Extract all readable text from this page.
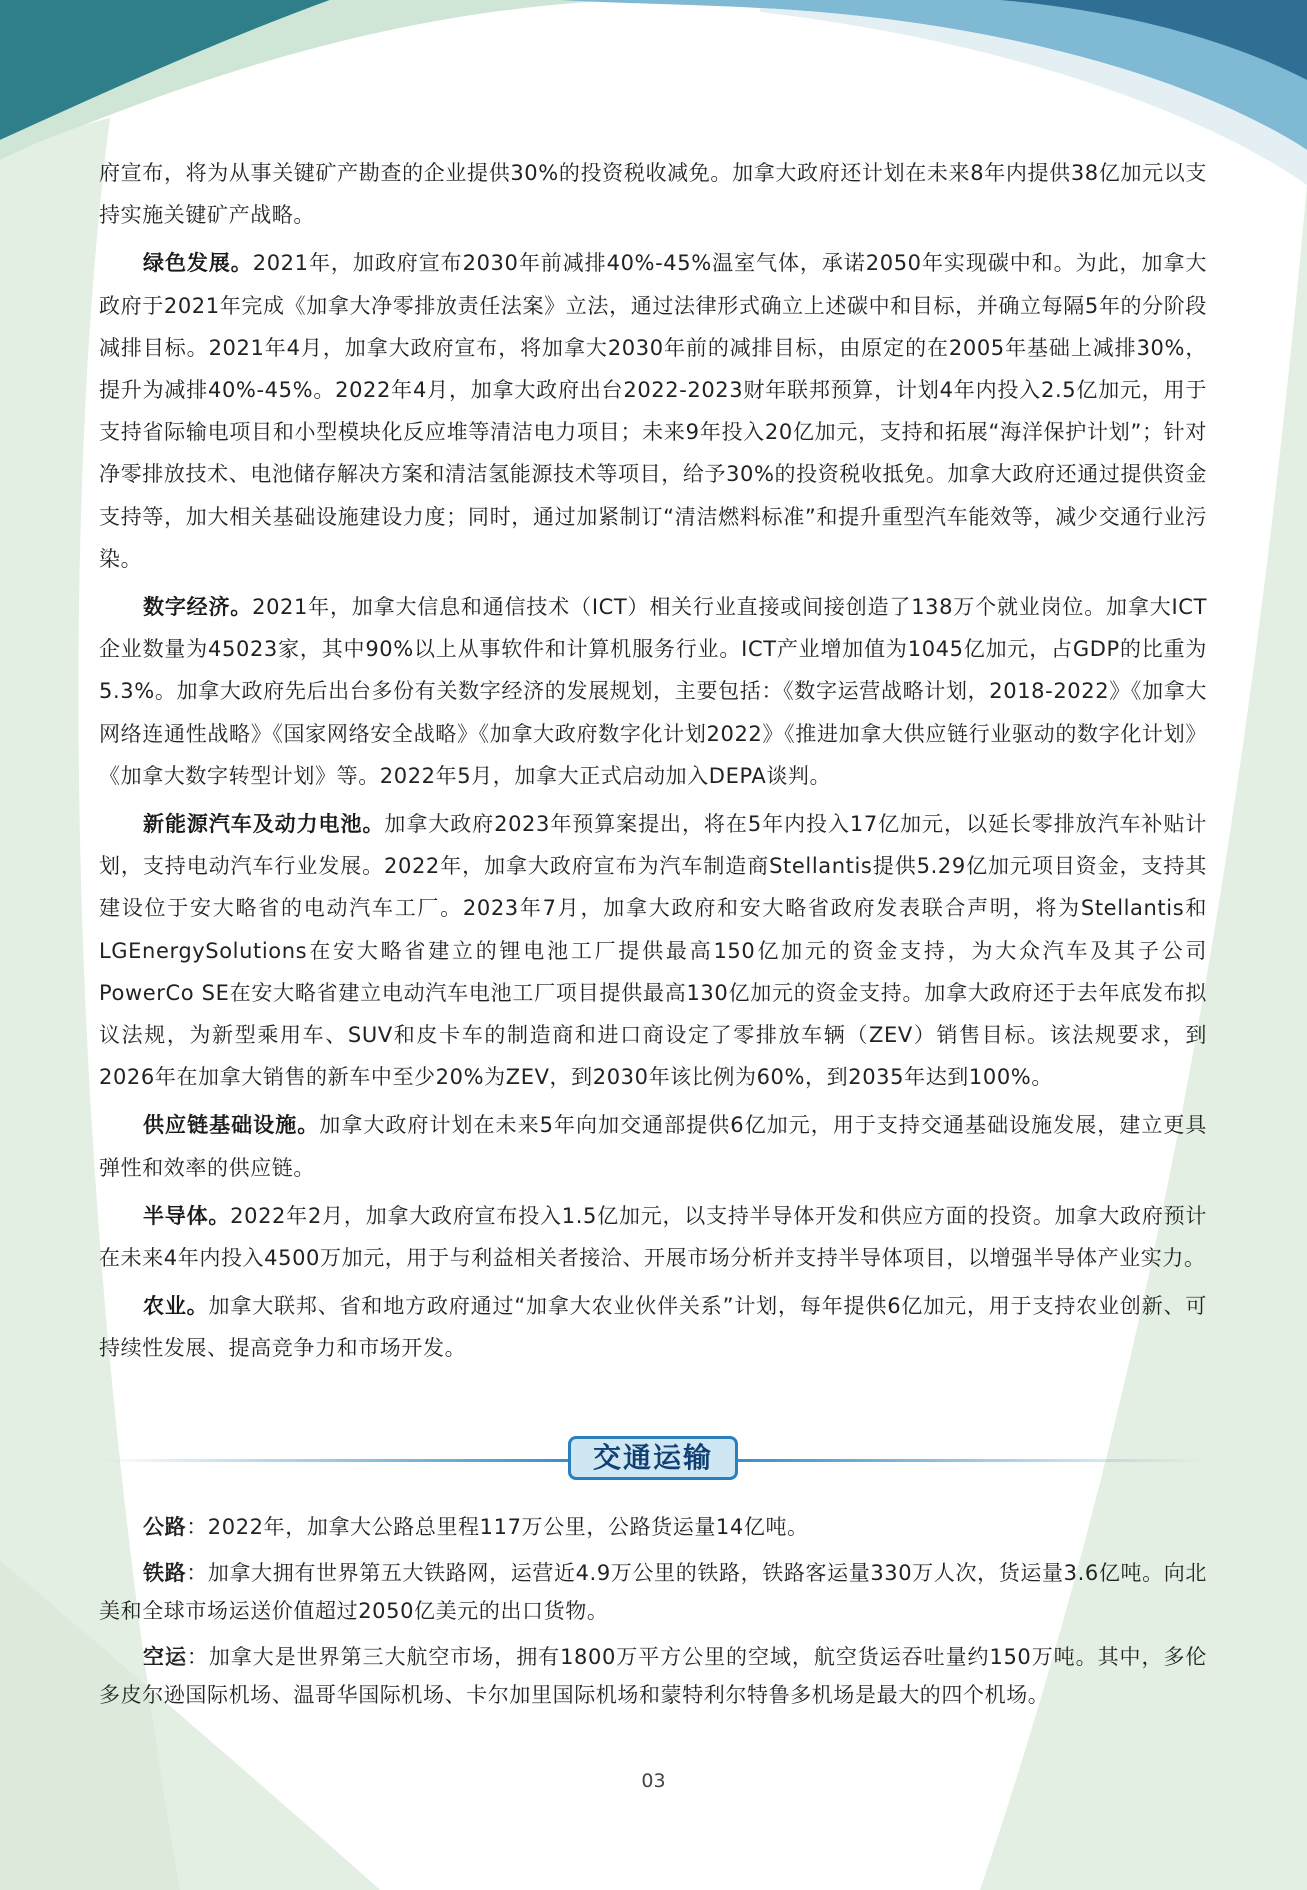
府宣布，将为从事关键矿产勘查的企业提供30%的投资税收减免。加拿大政府还计划在未来8年内提供38亿加元以支持实施关键矿产战略。

绿色发展。2021年，加政府宣布2030年前减排40%-45%温室气体，承诺2050年实现碳中和。为此，加拿大政府于2021年完成《加拿大净零排放责任法案》立法，通过法律形式确立上述碳中和目标，并确立每隔5年的分阶段减排目标。2021年4月，加拿大政府宣布，将加拿大2030年前的减排目标，由原定的在2005年基础上减排30%，提升为减排40%-45%。2022年4月，加拿大政府出台2022-2023财年联邦预算，计划4年内投入2.5亿加元，用于支持省际输电项目和小型模块化反应堆等清洁电力项目；未来9年投入20亿加元，支持和拓展“海洋保护计划”；针对净零排放技术、电池储存解决方案和清洁氢能源技术等项目，给予30%的投资税收抵免。加拿大政府还通过提供资金支持等，加大相关基础设施建设力度；同时，通过加紧制订“清洁燃料标准”和提升重型汽车能效等，减少交通行业污染。

数字经济。2021年，加拿大信息和通信技术（ICT）相关行业直接或间接创造了138万个就业岗位。加拿大ICT企业数量为45023家，其中90%以上从事软件和计算机服务行业。ICT产业增加值为1045亿加元，占GDP的比重为5.3%。加拿大政府先后出台多份有关数字经济的发展规划，主要包括：《数字运营战略计划，2018-2022》《加拿大网络连通性战略》《国家网络安全战略》《加拿大政府数字化计划2022》《推进加拿大供应链行业驱动的数字化计划》《加拿大数字转型计划》等。2022年5月，加拿大正式启动加入DEPA谈判。

新能源汽车及动力电池。加拿大政府2023年预算案提出，将在5年内投入17亿加元，以延长零排放汽车补贴计划，支持电动汽车行业发展。2022年，加拿大政府宣布为汽车制造商Stellantis提供5.29亿加元项目资金，支持其建设位于安大略省的电动汽车工厂。2023年7月，加拿大政府和安大略省政府发表联合声明，将为Stellantis和LGEnergySolutions在安大略省建立的锂电池工厂提供最高150亿加元的资金支持，为大众汽车及其子公司PowerCo SE在安大略省建立电动汽车电池工厂项目提供最高130亿加元的资金支持。加拿大政府还于去年底发布拟议法规，为新型乘用车、SUV和皮卡车的制造商和进口商设定了零排放车辆（ZEV）销售目标。该法规要求，到2026年在加拿大销售的新车中至少20%为ZEV，到2030年该比例为60%，到2035年达到100%。

供应链基础设施。加拿大政府计划在未来5年向加交通部提供6亿加元，用于支持交通基础设施发展，建立更具弹性和效率的供应链。

半导体。2022年2月，加拿大政府宣布投入1.5亿加元，以支持半导体开发和供应方面的投资。加拿大政府预计在未来4年内投入4500万加元，用于与利益相关者接洽、开展市场分析并支持半导体项目，以增强半导体产业实力。

农业。加拿大联邦、省和地方政府通过“加拿大农业伙伴关系”计划，每年提供6亿加元，用于支持农业创新、可持续性发展、提高竞争力和市场开发。

交通运输

公路：2022年，加拿大公路总里程117万公里，公路货运量14亿吨。

铁路：加拿大拥有世界第五大铁路网，运营近4.9万公里的铁路，铁路客运量330万人次，货运量3.6亿吨。向北美和全球市场运送价值超过2050亿美元的出口货物。

空运：加拿大是世界第三大航空市场，拥有1800万平方公里的空域，航空货运吞吐量约150万吨。其中，多伦多皮尔逊国际机场、温哥华国际机场、卡尔加里国际机场和蒙特利尔特鲁多机场是最大的四个机场。

03
